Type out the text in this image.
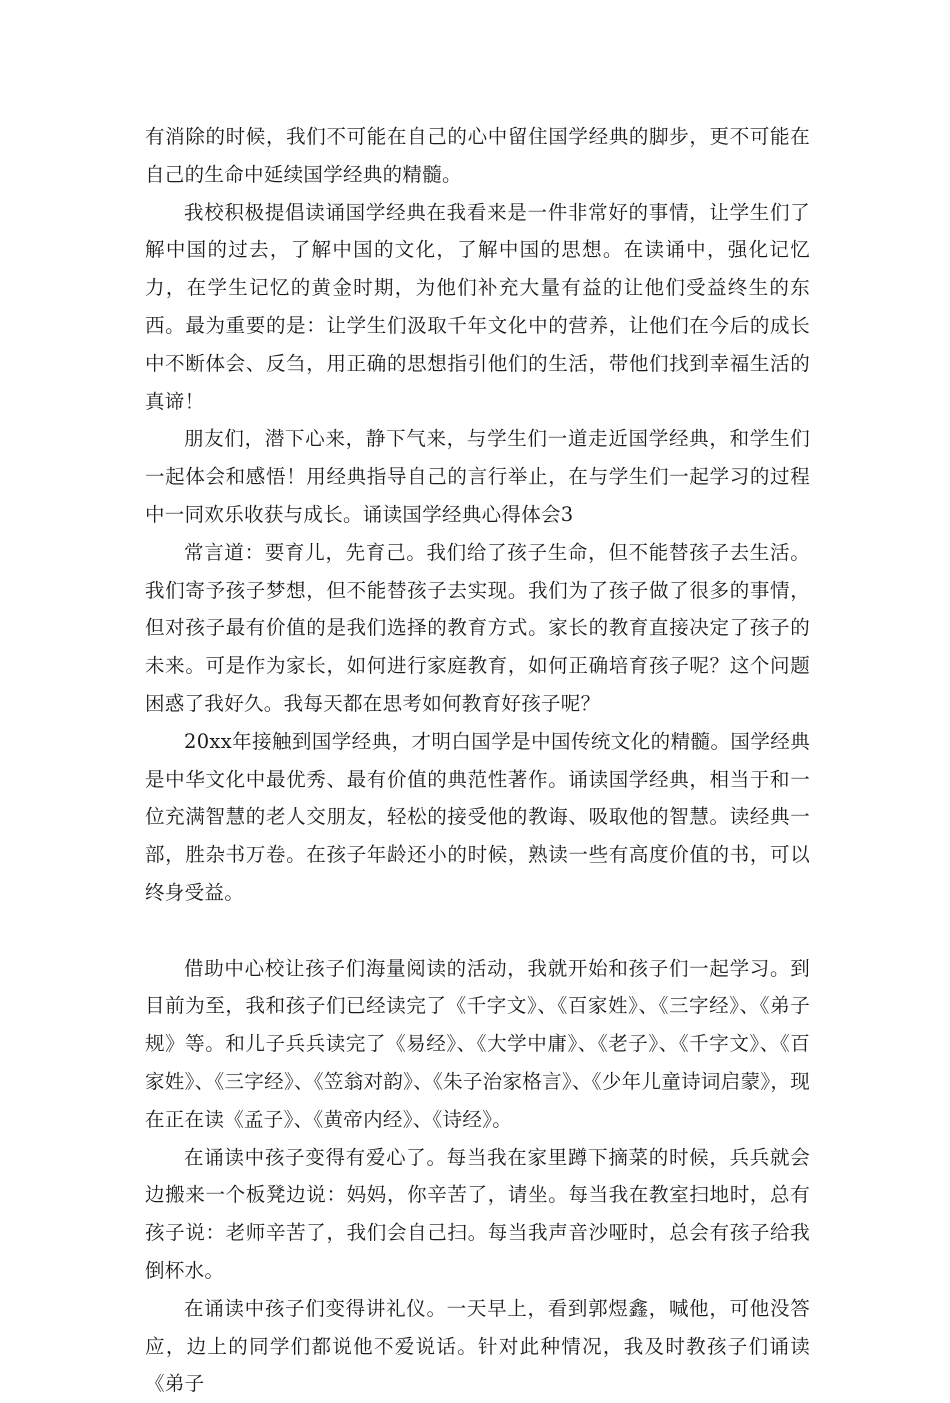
有消除的时候，我们不可能在自己的心中留住国学经典的脚步，更不可能在自己的生命中延续国学经典的精髓。

我校积极提倡读诵国学经典在我看来是一件非常好的事情，让学生们了解中国的过去，了解中国的文化，了解中国的思想。在读诵中，强化记忆力，在学生记忆的黄金时期，为他们补充大量有益的让他们受益终生的东西。最为重要的是：让学生们汲取千年文化中的营养，让他们在今后的成长中不断体会、反刍，用正确的思想指引他们的生活，带他们找到幸福生活的真谛！

朋友们，潜下心来，静下气来，与学生们一道走近国学经典，和学生们一起体会和感悟！用经典指导自己的言行举止，在与学生们一起学习的过程中一同欢乐收获与成长。诵读国学经典心得体会3

常言道：要育儿，先育己。我们给了孩子生命，但不能替孩子去生活。我们寄予孩子梦想，但不能替孩子去实现。我们为了孩子做了很多的事情，但对孩子最有价值的是我们选择的教育方式。家长的教育直接决定了孩子的未来。可是作为家长，如何进行家庭教育，如何正确培育孩子呢？这个问题困惑了我好久。我每天都在思考如何教育好孩子呢？

20xx年接触到国学经典，才明白国学是中国传统文化的精髓。国学经典是中华文化中最优秀、最有价值的典范性著作。诵读国学经典，相当于和一位充满智慧的老人交朋友，轻松的接受他的教诲、吸取他的智慧。读经典一部，胜杂书万卷。在孩子年龄还小的时候，熟读一些有高度价值的书，可以终身受益。

借助中心校让孩子们海量阅读的活动，我就开始和孩子们一起学习。到目前为至，我和孩子们已经读完了《千字文》、《百家姓》、《三字经》、《弟子规》等。和儿子兵兵读完了《易经》、《大学中庸》、《老子》、《千字文》、《百家姓》、《三字经》、《笠翁对韵》、《朱子治家格言》、《少年儿童诗词启蒙》，现在正在读《孟子》、《黄帝内经》、《诗经》。

在诵读中孩子变得有爱心了。每当我在家里蹲下摘菜的时候，兵兵就会边搬来一个板凳边说：妈妈，你辛苦了，请坐。每当我在教室扫地时，总有孩子说：老师辛苦了，我们会自己扫。每当我声音沙哑时，总会有孩子给我倒杯水。

在诵读中孩子们变得讲礼仪。一天早上，看到郭煜鑫，喊他，可他没答应，边上的同学们都说他不爱说话。针对此种情况，我及时教孩子们诵读《弟子
